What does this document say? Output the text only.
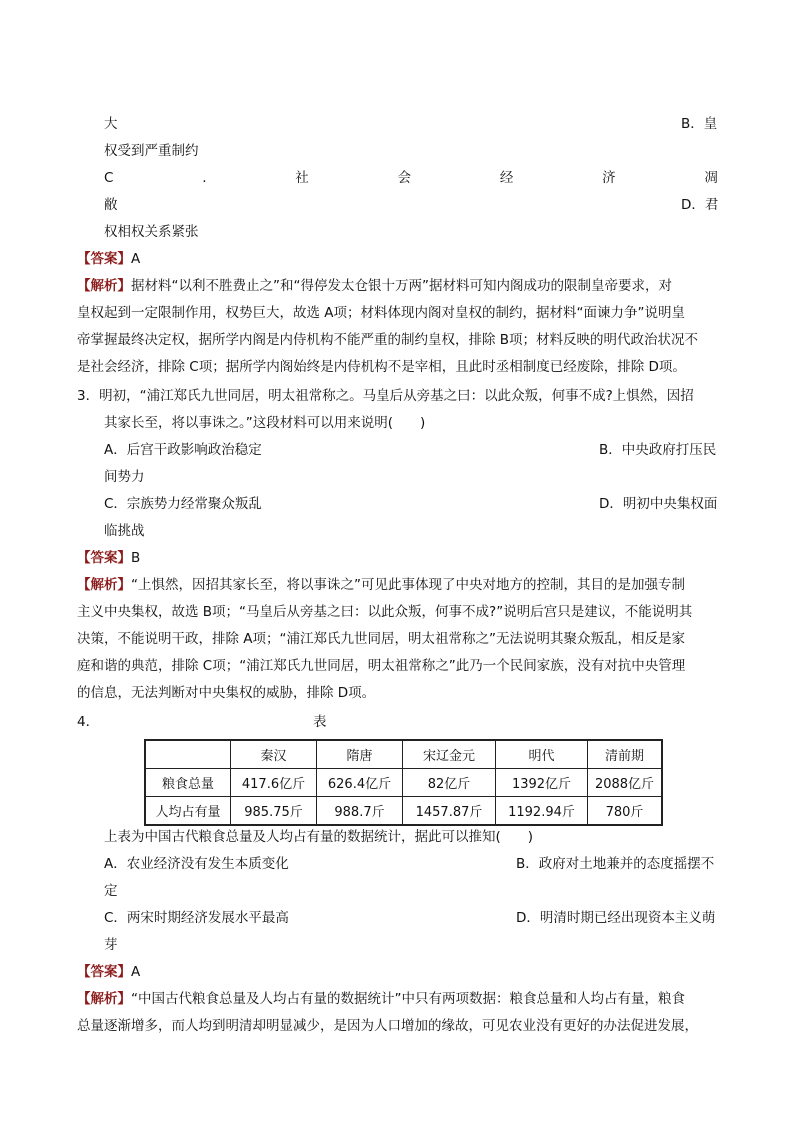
大	B．皇
权受到严重制约
C	.	社	会	经	济	凋
敝	D．君
权相权关系紧张
【答案】A
【解析】据材料“以利不胜费止之”和“得停发太仓银十万两”据材料可知内阁成功的限制皇帝要求，对
皇权起到一定限制作用，权势巨大，故选 A项；材料体现内阁对皇权的制约，据材料“面谏力争”说明皇
帝掌握最终决定权，据所学内阁是内侍机构不能严重的制约皇权，排除 B项；材料反映的明代政治状况不
是社会经济，排除 C项；据所学内阁始终是内侍机构不是宰相，且此时丞相制度已经废除，排除 D项。
3．明初，“浦江郑氏九世同居，明太祖常称之。马皇后从旁基之曰：以此众叛，何事不成?上惧然，因招
其家长至，将以事诛之。”这段材料可以用来说明(　　)
A．后宫干政影响政治稳定	B．中央政府打压民
间势力
C．宗族势力经常聚众叛乱	D．明初中央集权面
临挑战
【答案】B
【解析】“上惧然，因招其家长至，将以事诛之”可见此事体现了中央对地方的控制，其目的是加强专制
主义中央集权，故选 B项；“马皇后从旁基之曰：以此众叛，何事不成?”说明后宫只是建议，不能说明其
决策，不能说明干政，排除 A项；“浦江郑氏九世同居，明太祖常称之”无法说明其聚众叛乱，相反是家
庭和谐的典范，排除 C项；“浦江郑氏九世同居，明太祖常称之”此乃一个民间家族，没有对抗中央管理
的信息，无法判断对中央集权的威胁，排除 D项。
4．	表
	秦汉	隋唐	宋辽金元	明代	清前期
粮食总量	417.6亿斤	626.4亿斤	82亿斤	1392亿斤	2088亿斤
人均占有量	985.75斤	988.7斤	1457.87斤	1192.94斤	780斤
上表为中国古代粮食总量及人均占有量的数据统计，据此可以推知(　　)
A．农业经济没有发生本质变化	B．政府对土地兼并的态度摇摆不
定
C．两宋时期经济发展水平最高	D．明清时期已经出现资本主义萌
芽
【答案】A
【解析】“中国古代粮食总量及人均占有量的数据统计”中只有两项数据：粮食总量和人均占有量，粮食
总量逐渐增多，而人均到明清却明显减少，是因为人口增加的缘故，可见农业没有更好的办法促进发展，
